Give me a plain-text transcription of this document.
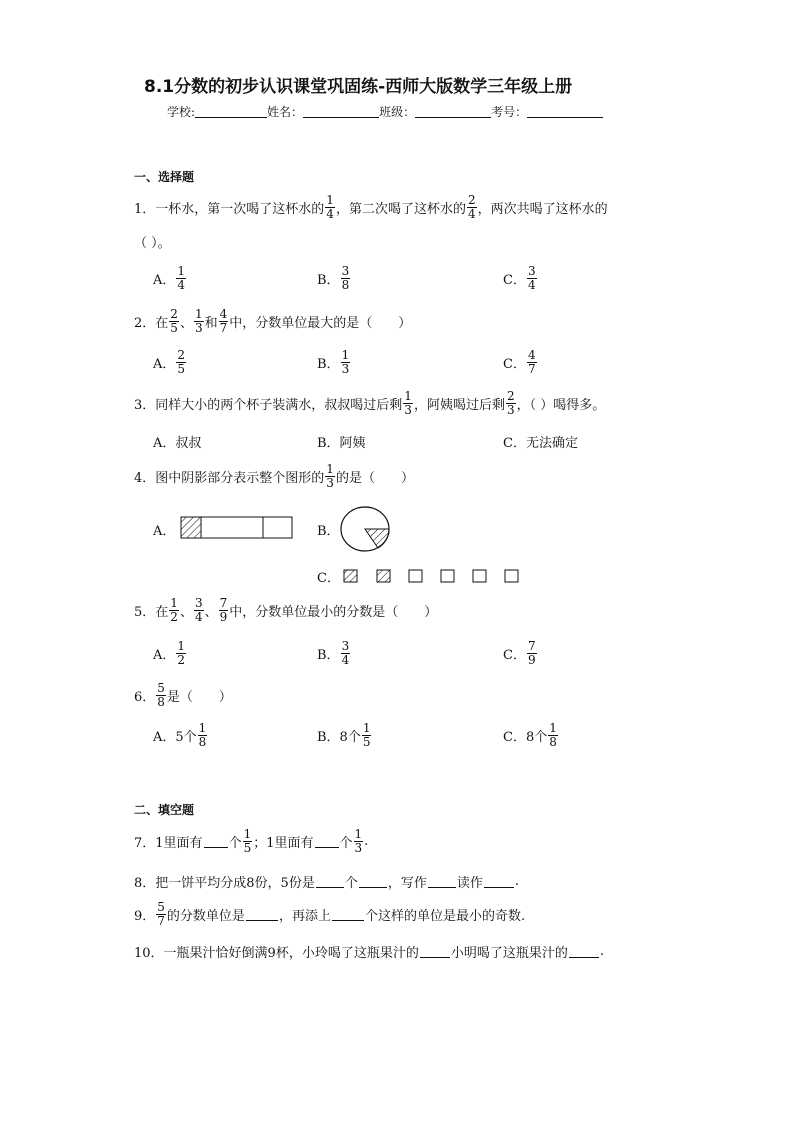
8.1分数的初步认识课堂巩固练-西师大版数学三年级上册
学校:	姓名：	班级：	考号：
一、选择题
1． 一杯水，第一次喝了这杯水的 $\frac{1}{4}$ ，第二次喝了这杯水的 $\frac{2}{4}$ ，两次共喝了这杯水的
（ ）。
A． $\frac{1}{4}$	B． $\frac{3}{8}$	C． $\frac{3}{4}$
2． 在 $\frac{2}{5}$ 、 $\frac{1}{3}$ 和 $\frac{4}{7}$ 中，分数单位最大的是（　　）
A． $\frac{2}{5}$	B． $\frac{1}{3}$	C． $\frac{4}{7}$
3． 同样大小的两个杯子装满水，叔叔喝过后剩 $\frac{1}{3}$ ，阿姨喝过后剩 $\frac{2}{3}$ ，（ ）喝得多。
A．叔叔	B．阿姨	C．无法确定
4． 图中阴影部分表示整个图形的 $\frac{1}{3}$ 的是（　　）
A．	B．
C．
5． 在 $\frac{1}{2}$ 、 $\frac{3}{4}$ 、 $\frac{7}{9}$ 中，分数单位最小的分数是（　　）
A． $\frac{1}{2}$	B． $\frac{3}{4}$	C． $\frac{7}{9}$
6． $\frac{5}{8}$ 是（　　）
A．5个 $\frac{1}{8}$	B．8个 $\frac{1}{5}$	C．8个 $\frac{1}{8}$
二、填空题
7． 1里面有 个 $\frac{1}{5}$ ；1里面有 个 $\frac{1}{3}$ .
8． 把一饼平均分成8份，5份是 个 ，写作 读作 .
9． $\frac{5}{7}$ 的分数单位是	，再添上	个这样的单位是最小的奇数.
10． 一瓶果汁恰好倒满9杯，小玲喝了这瓶果汁的 小明喝了这瓶果汁的 .
